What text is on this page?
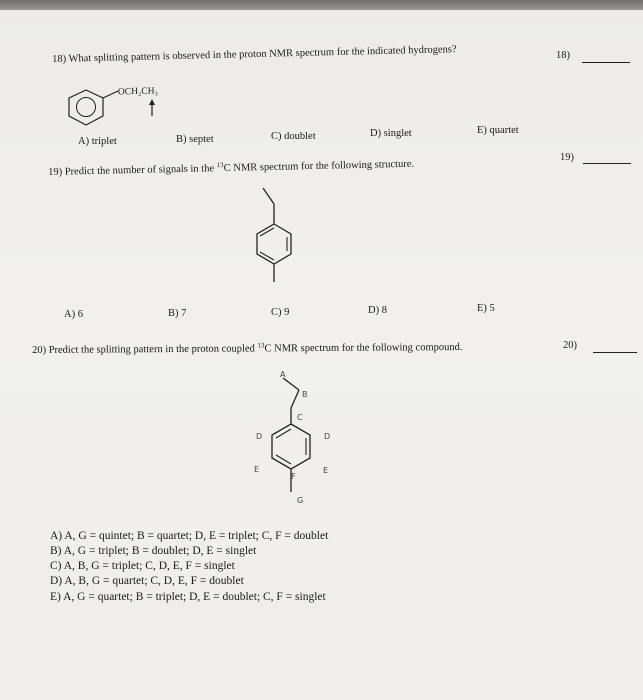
18) What splitting pattern is observed in the proton NMR spectrum for the indicated hydrogens?	18)
OCH₂CH₃
A) triplet	B) septet	C) doublet	D) singlet	E) quartet
19) Predict the number of signals in the $^{13}$C NMR spectrum for the following structure.
19)
A) 6	B) 7	C) 9	D) 8	E) 5
20) Predict the splitting pattern in the proton coupled $^{13}$C NMR spectrum for the following compound.	20)
A
B
C
D	D
E	E
F
G
A) A, G = quintet; B = quartet; D, E = triplet; C, F = doublet
B) A, G = triplet; B = doublet; D, E = singlet
C) A, B, G = triplet; C, D, E, F = singlet
D) A, B, G = quartet; C, D, E, F = doublet
E) A, G = quartet; B = triplet; D, E = doublet; C, F = singlet
